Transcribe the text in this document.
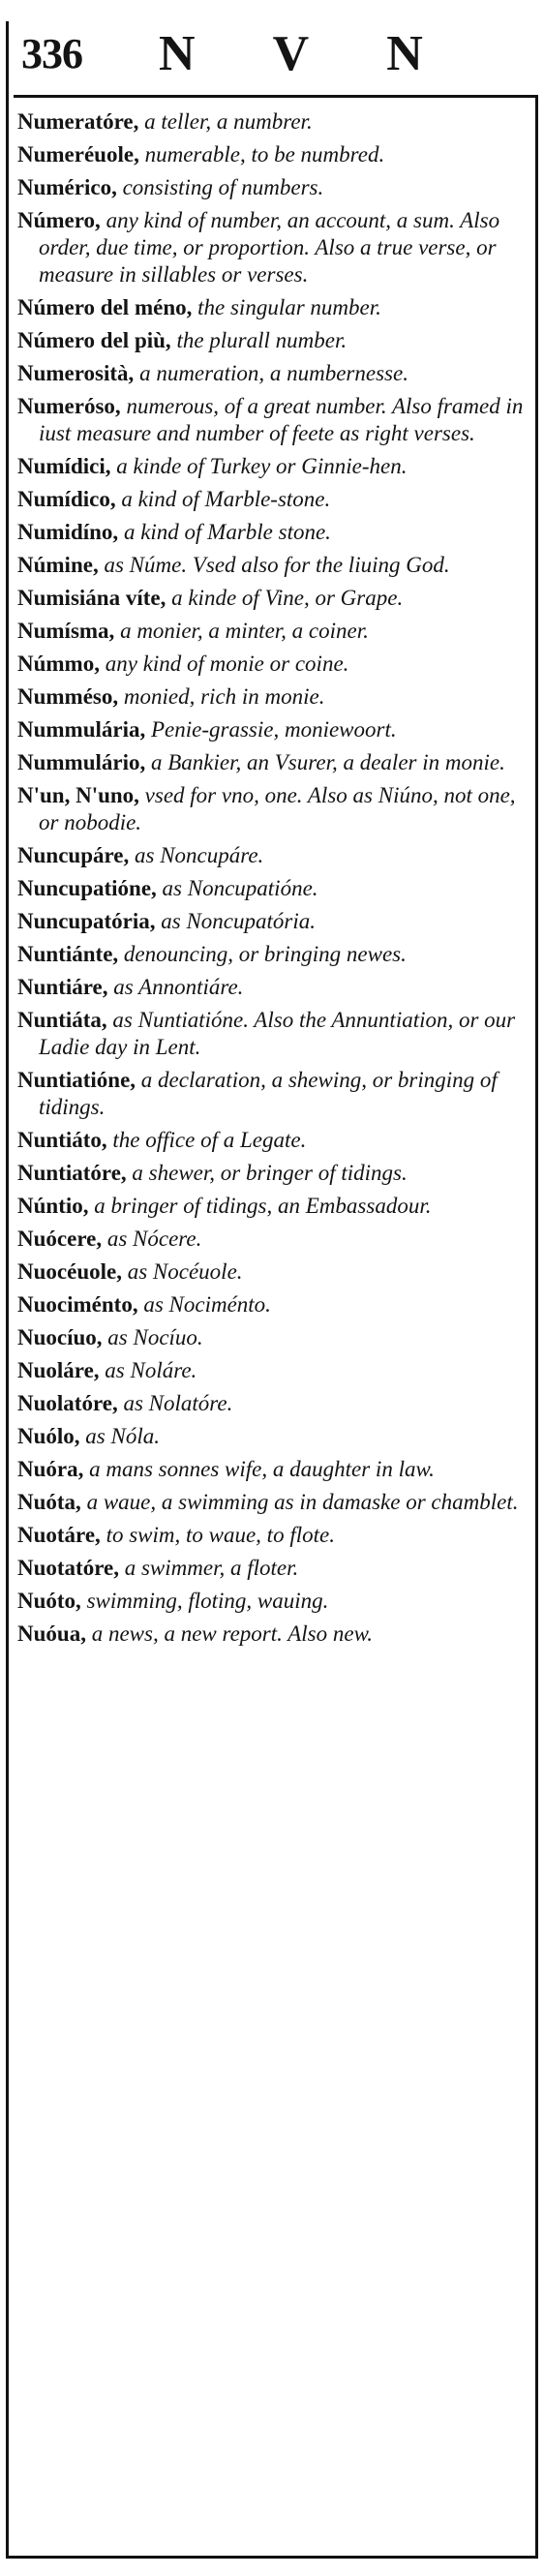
336 N V N

Numeratóre, a teller, a numbrer.

Numeréuole, numerable, to be numbred.

Numérico, consisting of numbers.

Número, any kind of number, an account, a sum. Also order, due time, or proportion. Also a true verse, or measure in sillables or verses.

Número del méno, the singular number.

Número del più, the plurall number.

Numerosità, a numeration, a numbernesse.

Numeróso, numerous, of a great number. Also framed in iust measure and number of feete as right verses.

Numídici, a kinde of Turkey or Ginnie-hen.

Numídico, a kind of Marble-stone.

Numidíno, a kind of Marble stone.

Númine, as Núme. Vsed also for the liuing God.

Numisiána víte, a kinde of Vine, or Grape.

Numísma, a monier, a minter, a coiner.

Númmo, any kind of monie or coine.

Numméso, monied, rich in monie.

Nummulária, Penie-grassie, moniewoort.

Nummulário, a Bankier, an Vsurer, a dealer in monie.

N'un, N'uno, vsed for vno, one. Also as Niúno, not one, or nobodie.

Nuncupáre, as Noncupáre.

Nuncupatióne, as Noncupatióne.

Nuncupatória, as Noncupatória.

Nuntiánte, denouncing, or bringing newes.

Nuntiáre, as Annontiáre.

Nuntiáta, as Nuntiatióne. Also the Annuntiation, or our Ladie day in Lent.

Nuntiatióne, a declaration, a shewing, or bringing of tidings.

Nuntiáto, the office of a Legate.

Nuntiatóre, a shewer, or bringer of tidings.

Núntio, a bringer of tidings, an Embassadour.

Nuócere, as Nócere.

Nuocéuole, as Nocéuole.

Nuociménto, as Nociménto.

Nuocíuo, as Nocíuo.

Nuoláre, as Noláre.

Nuolatóre, as Nolatóre.

Nuólo, as Nóla.

Nuóra, a mans sonnes wife, a daughter in law.

Nuóta, a waue, a swimming as in damaske or chamblet.

Nuotáre, to swim, to waue, to flote.

Nuotatóre, a swimmer, a floter.

Nuóto, swimming, floting, wauing.

Nuóua, a news, a new report. Also new.
